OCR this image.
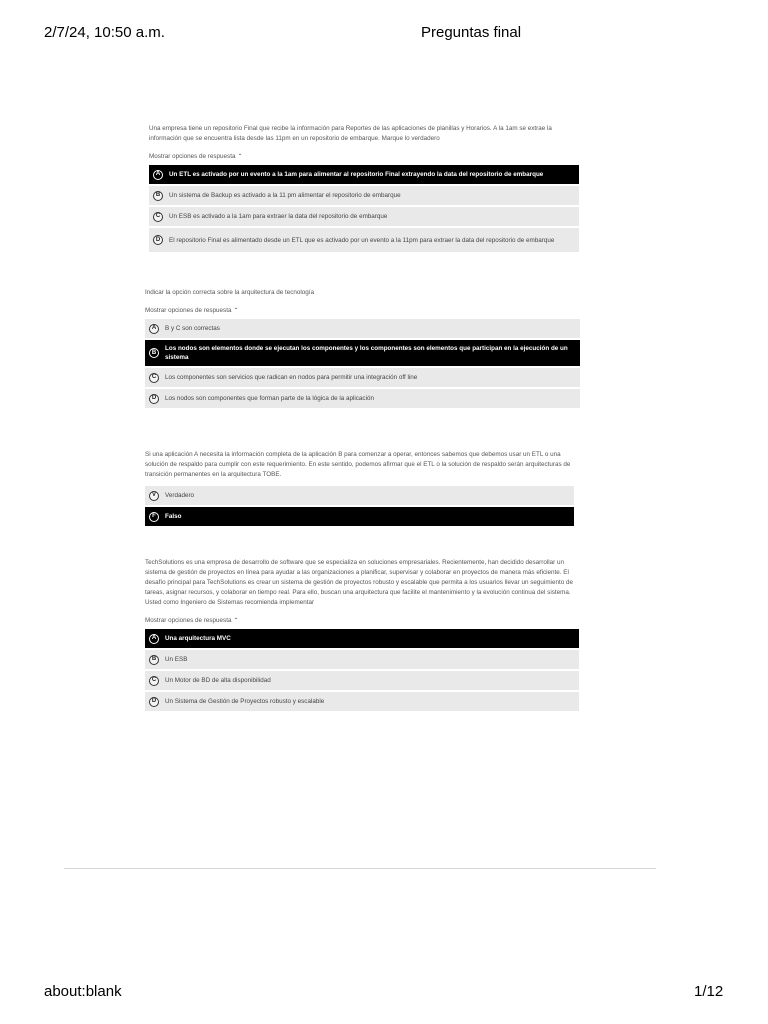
2/7/24, 10:50 a.m.	Preguntas final

Una empresa tiene un repositorio Final que recibe la información para Reportes de las aplicaciones de planillas y Horarios. A la 1am se extrae la información que se encuentra lista desde las 11pm en un repositorio de embarque. Marque lo verdadero

Mostrar opciones de respuesta ⌃
A	Un ETL es activado por un evento a la 1am para alimentar al repositorio Final extrayendo la data del repositorio de embarque
B	Un sistema de Backup es activado a la 11 pm alimentar el repositorio de embarque
C	Un ESB es activado a la 1am para extraer la data del repositorio de embarque
D	El repositorio Final es alimentado desde un ETL que es activado por un evento a la 11pm para extraer la data del repositorio de embarque

Indicar la opción correcta sobre la arquitectura de tecnología

Mostrar opciones de respuesta ⌃
A	B y C son correctas
B
Los nodos son elementos donde se ejecutan los componentes y los componentes son elementos que participan en la ejecución de un sistema
C	Los componentes son servicios que radican en nodos para permitir una integración off line
D	Los nodos son componentes que forman parte de la lógica de la aplicación

Si una aplicación A necesita la información completa de la aplicación B para comenzar a operar, entonces sabemos que debemos usar un ETL o una solución de respaldo para cumplir con este requerimiento. En este sentido, podemos afirmar que el ETL o la solución de respaldo serán arquitecturas de transición permanentes en la arquitectura TOBE.

V	Verdadero
F	Falso

TechSolutions es una empresa de desarrollo de software que se especializa en soluciones empresariales. Recientemente, han decidido desarrollar un sistema de gestión de proyectos en línea para ayudar a las organizaciones a planificar, supervisar y colaborar en proyectos de manera más eficiente. El desafío principal para TechSolutions es crear un sistema de gestión de proyectos robusto y escalable que permita a los usuarios llevar un seguimiento de tareas, asignar recursos, y colaborar en tiempo real. Para ello, buscan una arquitectura que facilite el mantenimiento y la evolución continua del sistema. Usted como Ingeniero de Sistemas recomienda implementar

Mostrar opciones de respuesta ⌃
A	Una arquitectura MVC
B	Un ESB
C	Un Motor de BD de alta disponibilidad
D	Un Sistema de Gestión de Proyectos robusto y escalable
about:blank	1/12
